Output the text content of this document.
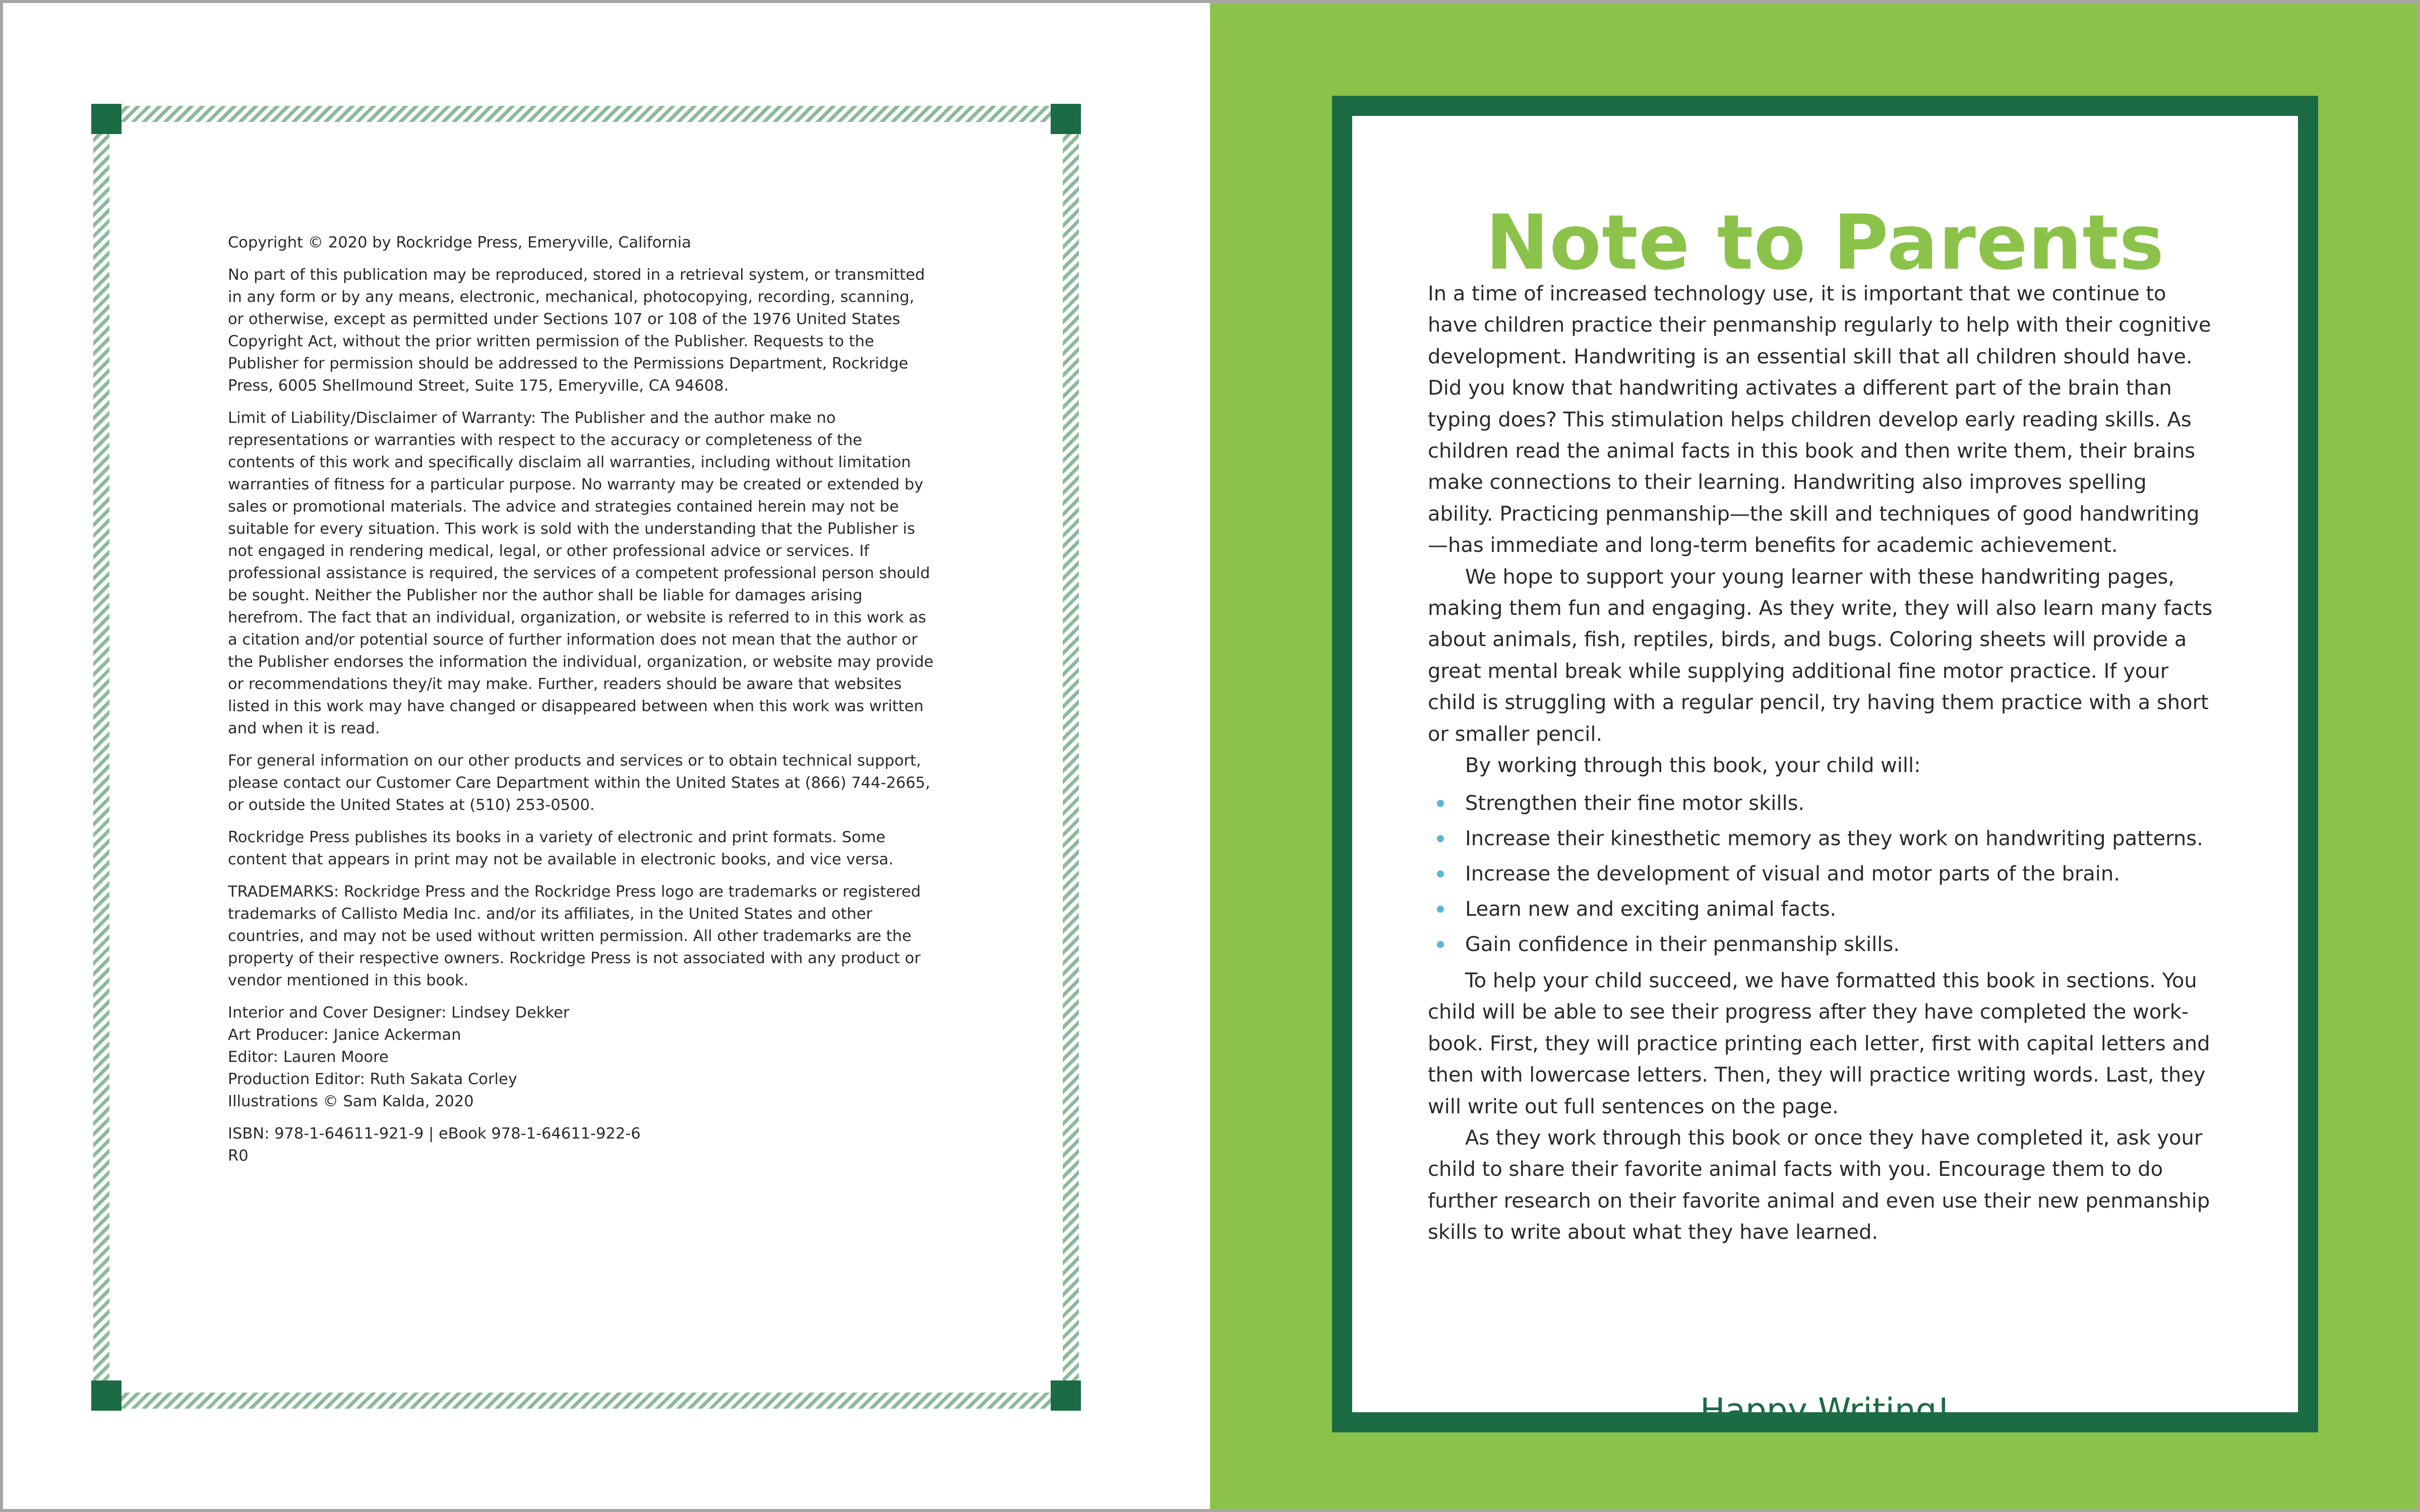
Copyright © 2020 by Rockridge Press, Emeryville, California

No part of this publication may be reproduced, stored in a retrieval system, or transmitted in any form or by any means, electronic, mechanical, photocopying, recording, scanning, or otherwise, except as permitted under Sections 107 or 108 of the 1976 United States Copyright Act, without the prior written permission of the Publisher. Requests to the Publisher for permission should be addressed to the Permissions Department, Rockridge Press, 6005 Shellmound Street, Suite 175, Emeryville, CA 94608.

Limit of Liability/Disclaimer of Warranty: The Publisher and the author make no representations or warranties with respect to the accuracy or completeness of the contents of this work and specifically disclaim all warranties, including without limitation warranties of fitness for a particular purpose. No warranty may be created or extended by sales or promotional materials. The advice and strategies contained herein may not be suitable for every situation. This work is sold with the understanding that the Publisher is not engaged in rendering medical, legal, or other professional advice or services. If professional assistance is required, the services of a competent professional person should be sought. Neither the Publisher nor the author shall be liable for damages arising herefrom. The fact that an individual, organization, or website is referred to in this work as a citation and/or potential source of further information does not mean that the author or the Publisher endorses the information the individual, organization, or website may provide or recommendations they/it may make. Further, readers should be aware that websites listed in this work may have changed or disappeared between when this work was written and when it is read.

For general information on our other products and services or to obtain technical support, please contact our Customer Care Department within the United States at (866) 744-2665, or outside the United States at (510) 253-0500.

Rockridge Press publishes its books in a variety of electronic and print formats. Some content that appears in print may not be available in electronic books, and vice versa.

TRADEMARKS: Rockridge Press and the Rockridge Press logo are trademarks or registered trademarks of Callisto Media Inc. and/or its affiliates, in the United States and other countries, and may not be used without written permission. All other trademarks are the property of their respective owners. Rockridge Press is not associated with any product or vendor mentioned in this book.

Interior and Cover Designer: Lindsey Dekker
Art Producer: Janice Ackerman
Editor: Lauren Moore
Production Editor: Ruth Sakata Corley
Illustrations © Sam Kalda, 2020
ISBN: 978-1-64611-921-9 | eBook 978-1-64611-922-6
R0
Note to Parents

In a time of increased technology use, it is important that we continue to have children practice their penmanship regularly to help with their cognitive development. Handwriting is an essential skill that all children should have. Did you know that handwriting activates a different part of the brain than typing does? This stimulation helps children develop early reading skills. As children read the animal facts in this book and then write them, their brains make connections to their learning. Handwriting also improves spelling ability. Practicing penmanship—the skill and techniques of good handwriting—has immediate and long-term benefits for academic achievement.

We hope to support your young learner with these handwriting pages, making them fun and engaging. As they write, they will also learn many facts about animals, fish, reptiles, birds, and bugs. Coloring sheets will provide a great mental break while supplying additional fine motor practice. If your child is struggling with a regular pencil, try having them practice with a short or smaller pencil.

By working through this book, your child will:

Strengthen their fine motor skills.
Increase their kinesthetic memory as they work on handwriting patterns.
Increase the development of visual and motor parts of the brain.
Learn new and exciting animal facts.
Gain confidence in their penmanship skills.

To help your child succeed, we have formatted this book in sections. You child will be able to see their progress after they have completed the work-book. First, they will practice printing each letter, first with capital letters and then with lowercase letters. Then, they will practice writing words. Last, they will write out full sentences on the page.

As they work through this book or once they have completed it, ask your child to share their favorite animal facts with you. Encourage them to do further research on their favorite animal and even use their new penmanship skills to write about what they have learned.

Happy Writing!
